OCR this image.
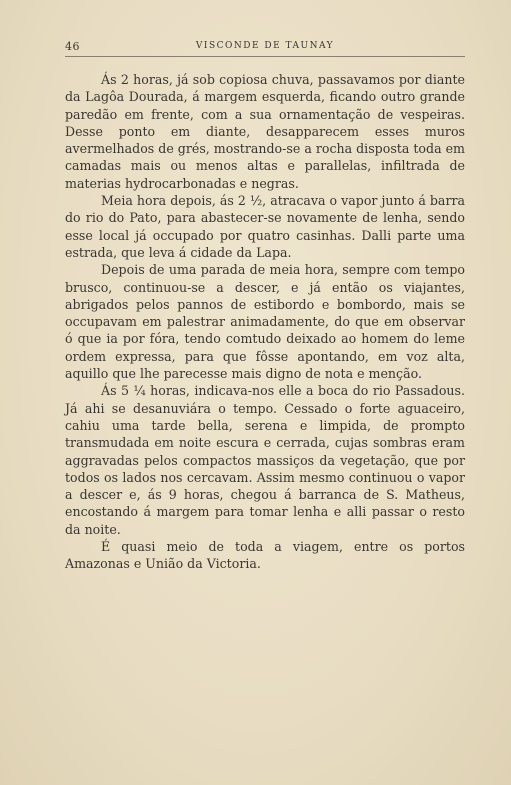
46	VISCONDE DE TAUNAY

Ás 2 horas, já sob copiosa chuva, passavamos por diante da Lagôa Dourada, á margem esquerda, ficando outro grande paredão em frente, com a sua ornamentação de vespeiras. Desse ponto em diante, desapparecem esses muros avermelhados de grés, mostrando-se a rocha disposta toda em camadas mais ou menos altas e parallelas, infiltrada de materias hydrocarbonadas e negras.

Meia hora depois, ás 2 ½, atracava o vapor junto á barra do rio do Pato, para abastecer-se novamente de lenha, sendo esse local já occupado por quatro casinhas. Dalli parte uma estrada, que leva á cidade da Lapa.

Depois de uma parada de meia hora, sempre com tempo brusco, continuou-se a descer, e já então os viajantes, abrigados pelos pannos de estibordo e bombordo, mais se occupavam em palestrar animadamente, do que em observar ó que ia por fóra, tendo comtudo deixado ao homem do leme ordem expressa, para que fôsse apontando, em voz alta, aquillo que lhe parecesse mais digno de nota e menção.

Ás 5 ¼ horas, indicava-nos elle a boca do rio Passadous. Já ahi se desanuviára o tempo. Cessado o forte aguaceiro, cahiu uma tarde bella, serena e limpida, de prompto transmudada em noite escura e cerrada, cujas sombras eram aggravadas pelos compactos massiços da vegetação, que por todos os lados nos cercavam. Assim mesmo continuou o vapor a descer e, ás 9 horas, chegou á barranca de S. Matheus, encostando á margem para tomar lenha e alli passar o resto da noite.

É quasi meio de toda a viagem, entre os portos Amazonas e União da Victoria.
